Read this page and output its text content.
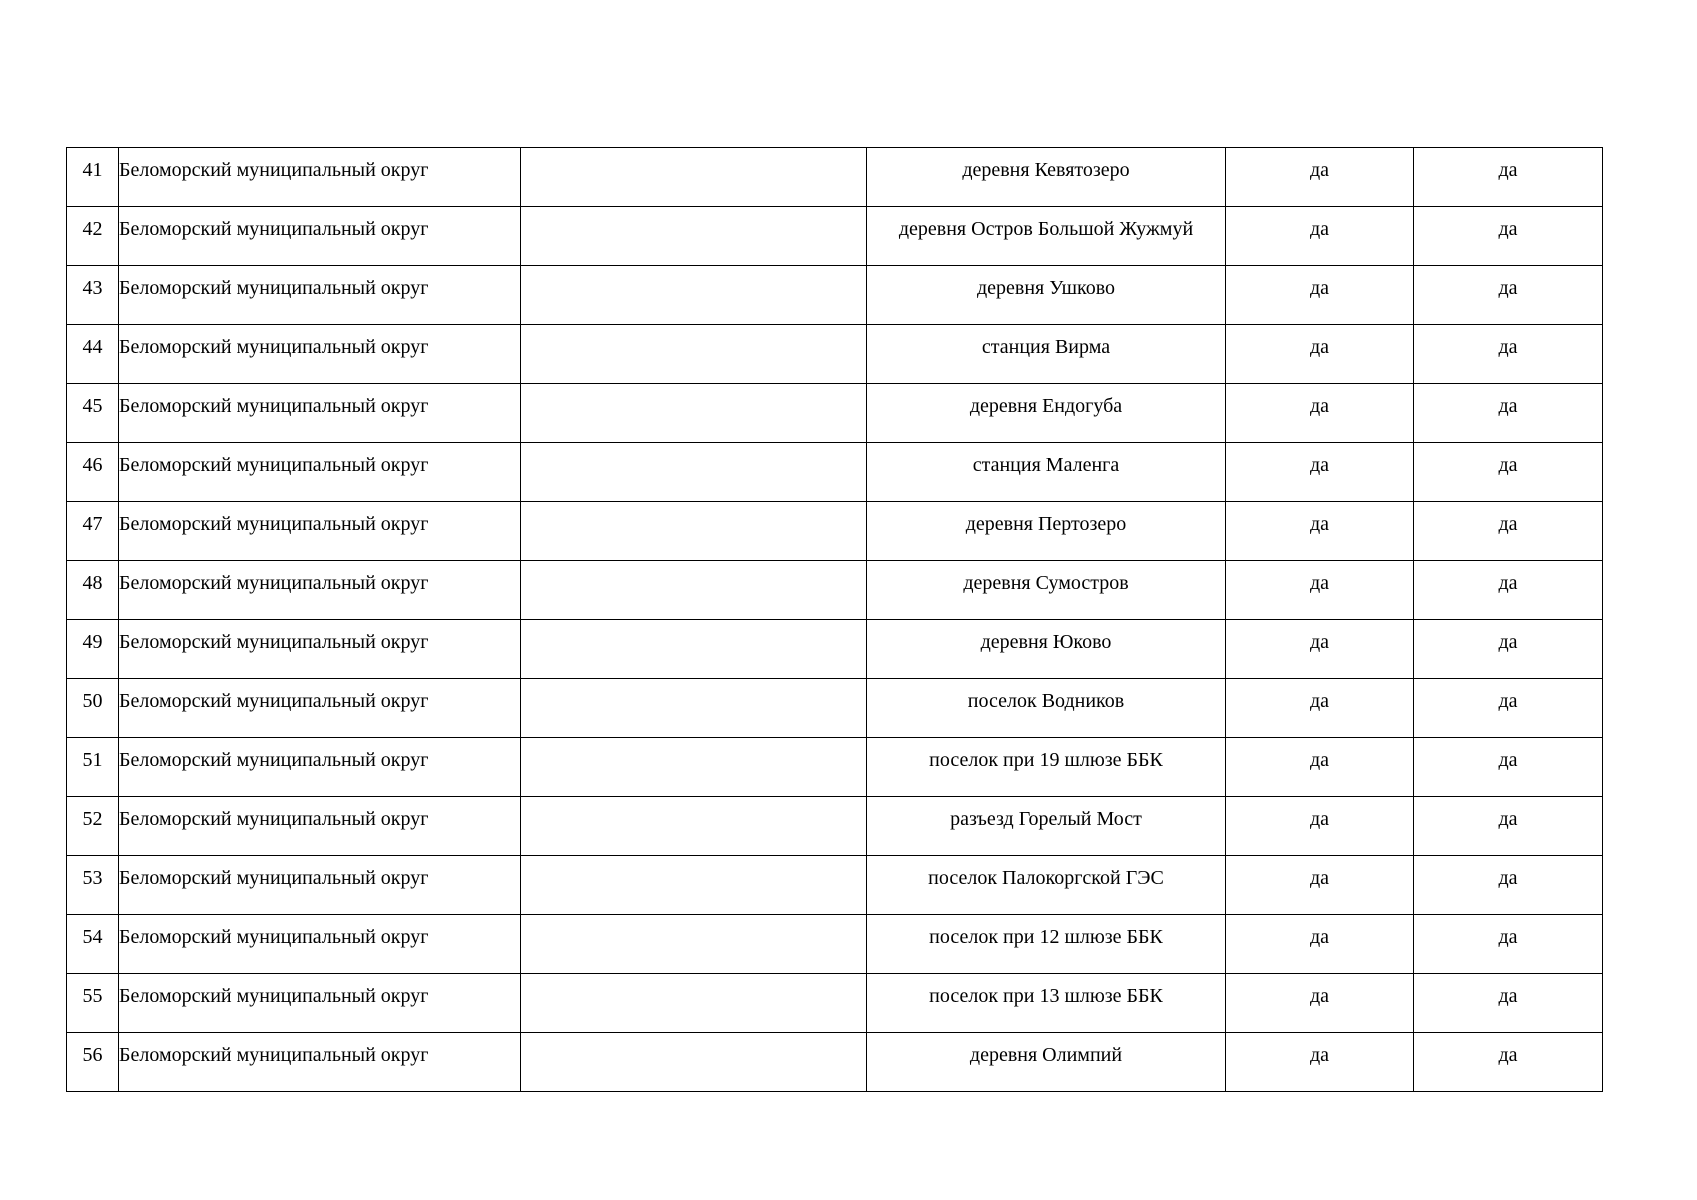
41	Беломорский муниципальный округ		деревня Кевятозеро	да	да

42	Беломорский муниципальный округ		деревня Остров Большой Жужмуй	да	да

43	Беломорский муниципальный округ		деревня Ушково	да	да

44	Беломорский муниципальный округ		станция Вирма	да	да

45	Беломорский муниципальный округ		деревня Ендогуба	да	да

46	Беломорский муниципальный округ		станция Маленга	да	да

47	Беломорский муниципальный округ		деревня Пертозеро	да	да

48	Беломорский муниципальный округ		деревня Сумостров	да	да

49	Беломорский муниципальный округ		деревня Юково	да	да

50	Беломорский муниципальный округ		поселок Водников	да	да

51	Беломорский муниципальный округ		поселок при 19 шлюзе ББК	да	да

52	Беломорский муниципальный округ		разъезд Горелый Мост	да	да

53	Беломорский муниципальный округ		поселок Палокоргской ГЭС	да	да

54	Беломорский муниципальный округ		поселок при 12 шлюзе ББК	да	да

55	Беломорский муниципальный округ		поселок при 13 шлюзе ББК	да	да

56	Беломорский муниципальный округ		деревня Олимпий	да	да
